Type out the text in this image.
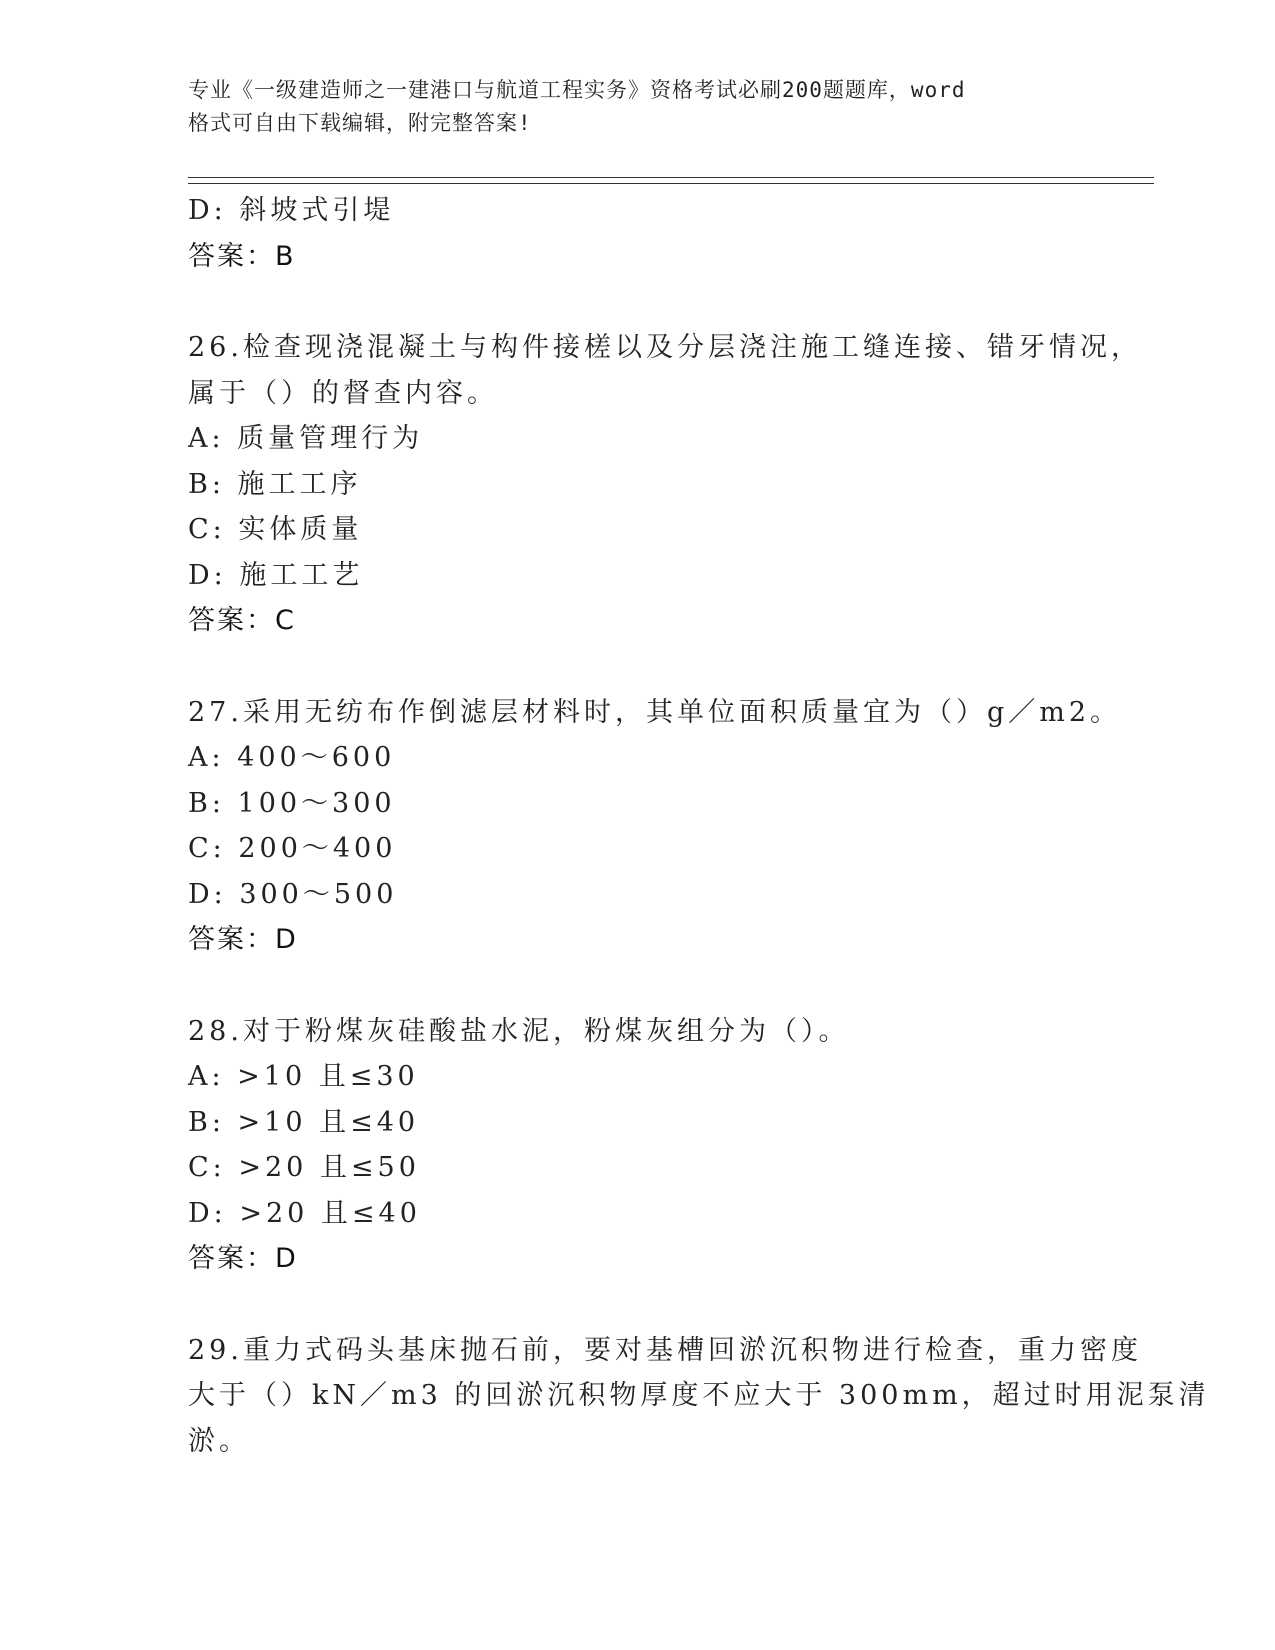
专业《一级建造师之一建港口与航道工程实务》资格考试必刷200题题库，word
格式可自由下载编辑，附完整答案!
D: 斜坡式引堤
答案：B
26.检查现浇混凝土与构件接槎以及分层浇注施工缝连接、错牙情况，
属于（）的督查内容。
A: 质量管理行为
B: 施工工序
C: 实体质量
D: 施工工艺
答案：C
27.采用无纺布作倒滤层材料时，其单位面积质量宜为（）g／m2。
A: 400～600
B: 100～300
C: 200～400
D: 300～500
答案：D
28.对于粉煤灰硅酸盐水泥，粉煤灰组分为（）。
A: >10 且≤30
B: >10 且≤40
C: >20 且≤50
D: >20 且≤40
答案：D
29.重力式码头基床抛石前，要对基槽回淤沉积物进行检查，重力密度
大于（）kN／m3 的回淤沉积物厚度不应大于 300mm，超过时用泥泵清
淤。
